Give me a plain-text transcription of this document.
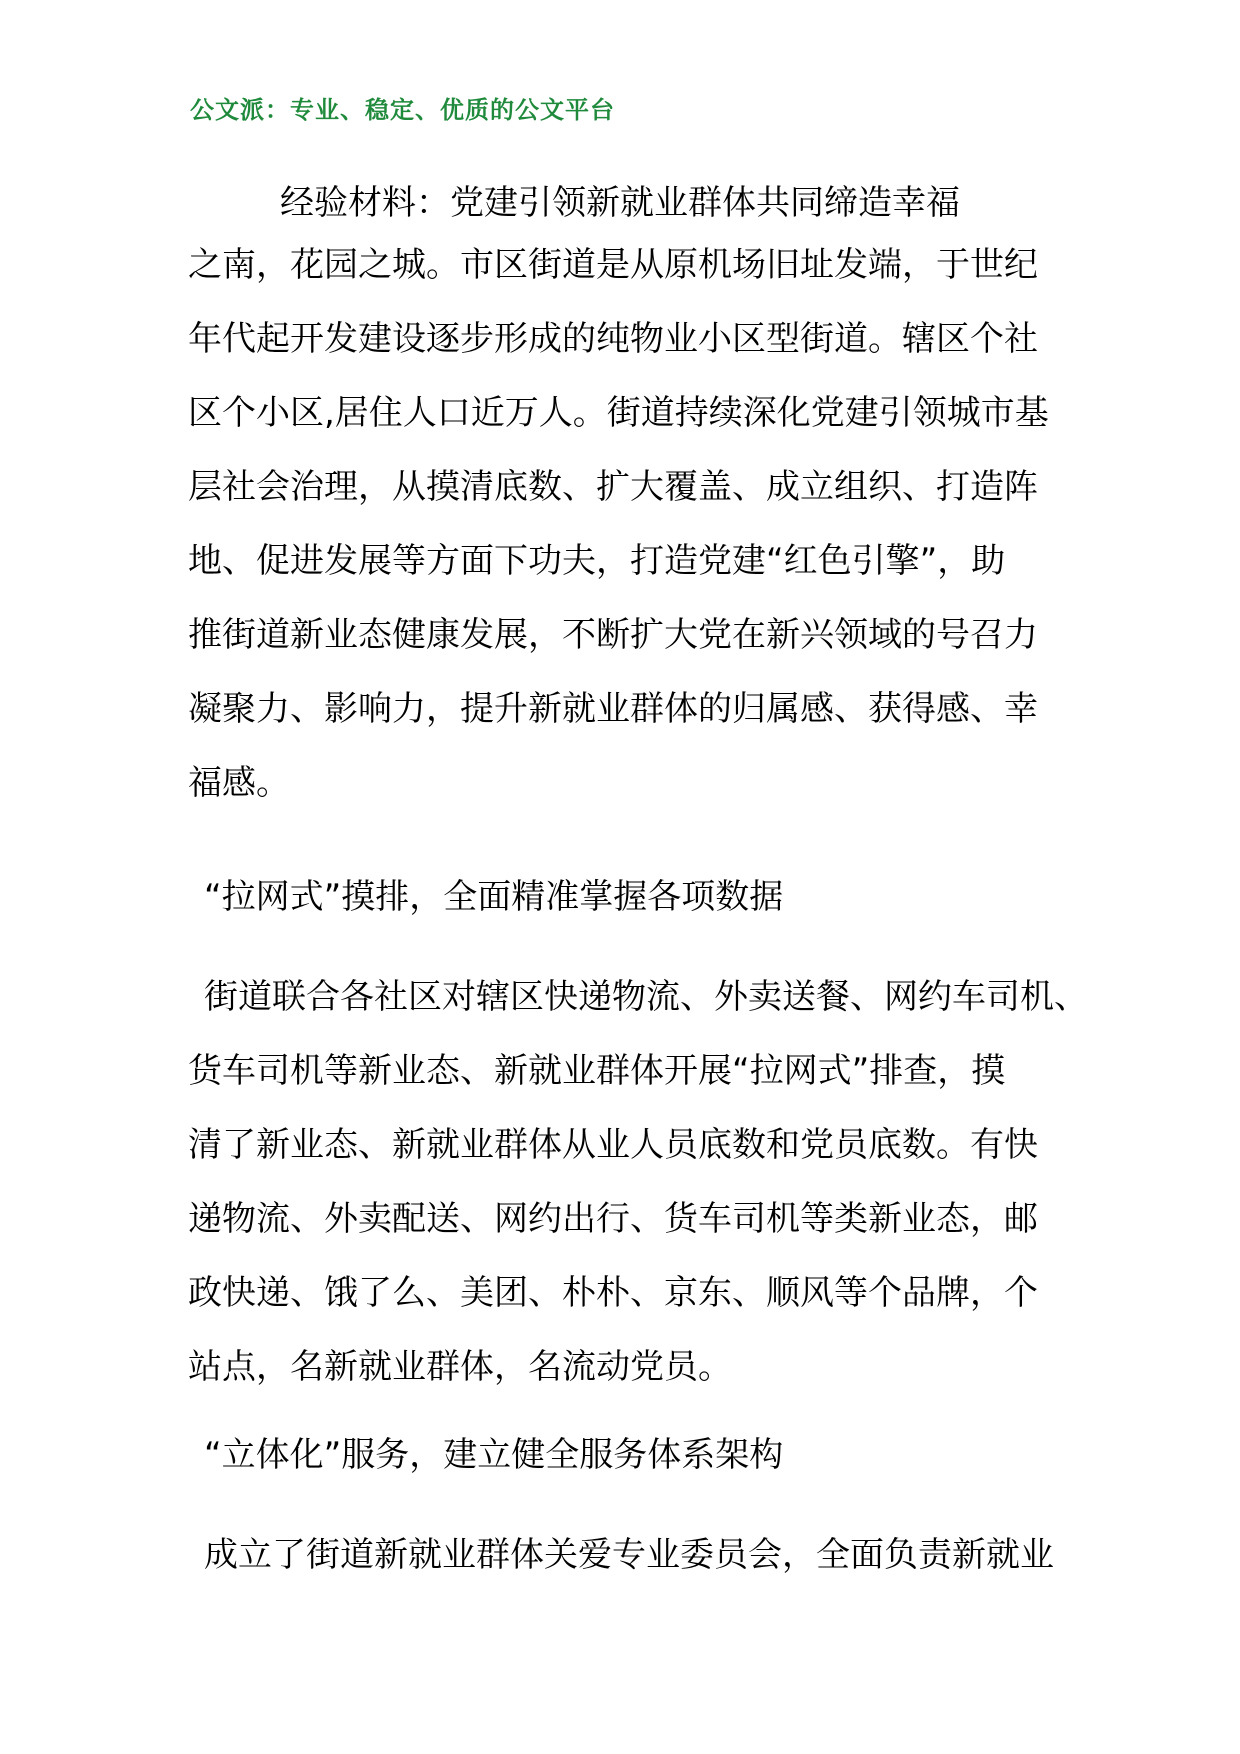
公文派：专业、稳定、优质的公文平台
经验材料：党建引领新就业群体共同缔造幸福
之南，花园之城。市区街道是从原机场旧址发端，于世纪
年代起开发建设逐步形成的纯物业小区型街道。辖区个社
区个小区,居住人口近万人。街道持续深化党建引领城市基
层社会治理，从摸清底数、扩大覆盖、成立组织、打造阵
地、促进发展等方面下功夫，打造党建“红色引擎”，助
推街道新业态健康发展，不断扩大党在新兴领域的号召力
凝聚力、影响力，提升新就业群体的归属感、获得感、幸
福感。
“拉网式”摸排，全面精准掌握各项数据
街道联合各社区对辖区快递物流、外卖送餐、网约车司机、
货车司机等新业态、新就业群体开展“拉网式”排查，摸
清了新业态、新就业群体从业人员底数和党员底数。有快
递物流、外卖配送、网约出行、货车司机等类新业态，邮
政快递、饿了么、美团、朴朴、京东、顺风等个品牌，个
站点，名新就业群体，名流动党员。
“立体化”服务，建立健全服务体系架构
成立了街道新就业群体关爱专业委员会，全面负责新就业
